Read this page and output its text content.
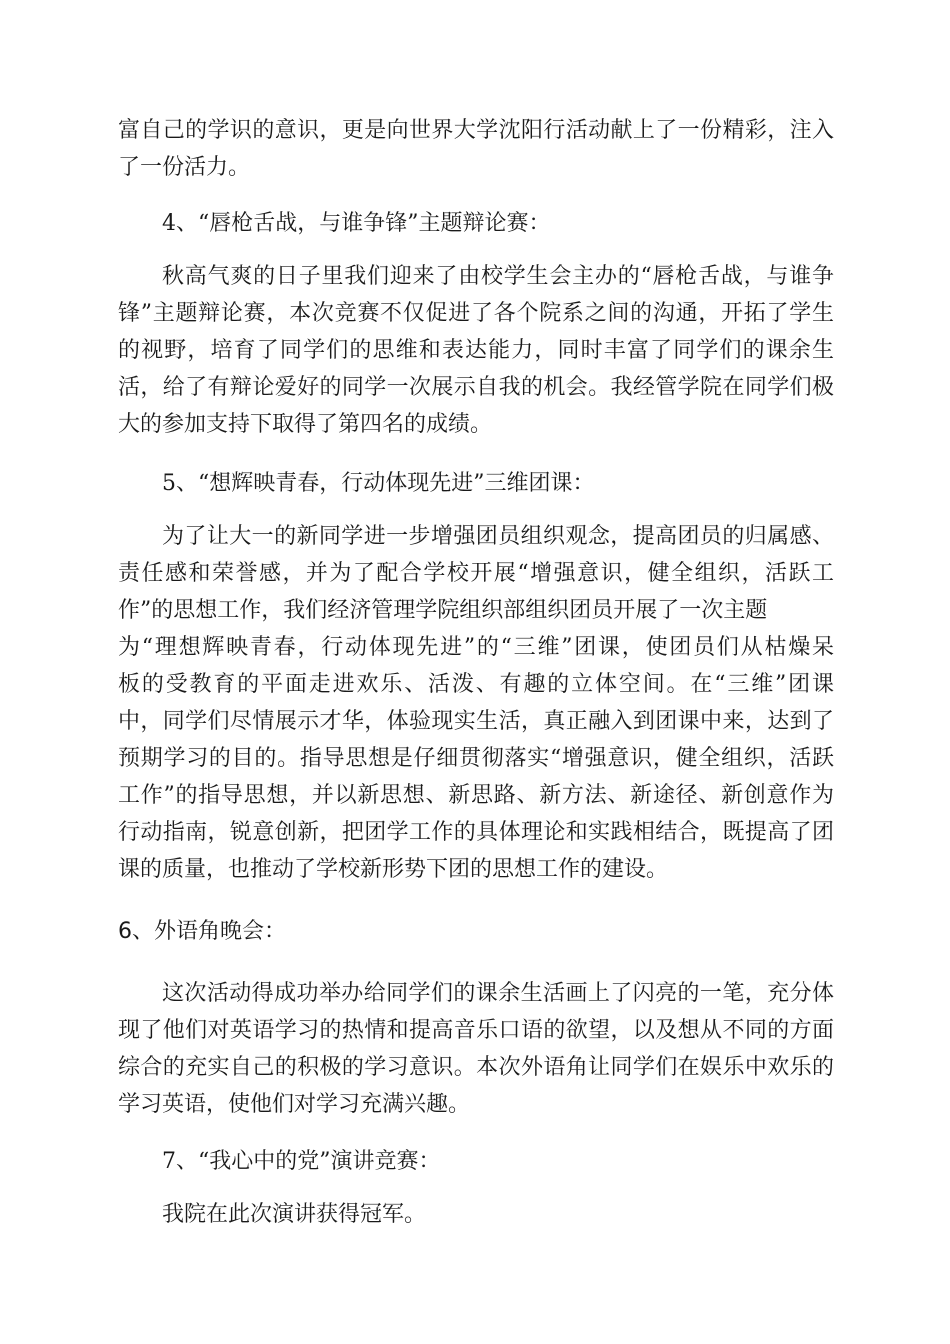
富自己的学识的意识，更是向世界大学沈阳行活动献上了一份精彩，注入
了一份活力。
4、“唇枪舌战，与谁争锋”主题辩论赛：
秋高气爽的日子里我们迎来了由校学生会主办的“唇枪舌战，与谁争
锋”主题辩论赛，本次竞赛不仅促进了各个院系之间的沟通，开拓了学生
的视野，培育了同学们的思维和表达能力，同时丰富了同学们的课余生
活，给了有辩论爱好的同学一次展示自我的机会。我经管学院在同学们极
大的参加支持下取得了第四名的成绩。
5、“想辉映青春，行动体现先进”三维团课：
为了让大一的新同学进一步增强团员组织观念，提高团员的归属感、
责任感和荣誉感，并为了配合学校开展“增强意识，健全组织，活跃工
作”的思想工作，我们经济管理学院组织部组织团员开展了一次主题
为“理想辉映青春，行动体现先进”的“三维”团课，使团员们从枯燥呆
板的受教育的平面走进欢乐、活泼、有趣的立体空间。在“三维”团课
中，同学们尽情展示才华，体验现实生活，真正融入到团课中来，达到了
预期学习的目的。指导思想是仔细贯彻落实“增强意识，健全组织，活跃
工作”的指导思想，并以新思想、新思路、新方法、新途径、新创意作为
行动指南，锐意创新，把团学工作的具体理论和实践相结合，既提高了团
课的质量，也推动了学校新形势下团的思想工作的建设。
6、外语角晚会：
这次活动得成功举办给同学们的课余生活画上了闪亮的一笔，充分体
现了他们对英语学习的热情和提高音乐口语的欲望，以及想从不同的方面
综合的充实自己的积极的学习意识。本次外语角让同学们在娱乐中欢乐的
学习英语，使他们对学习充满兴趣。
7、“我心中的党”演讲竞赛：
我院在此次演讲获得冠军。
